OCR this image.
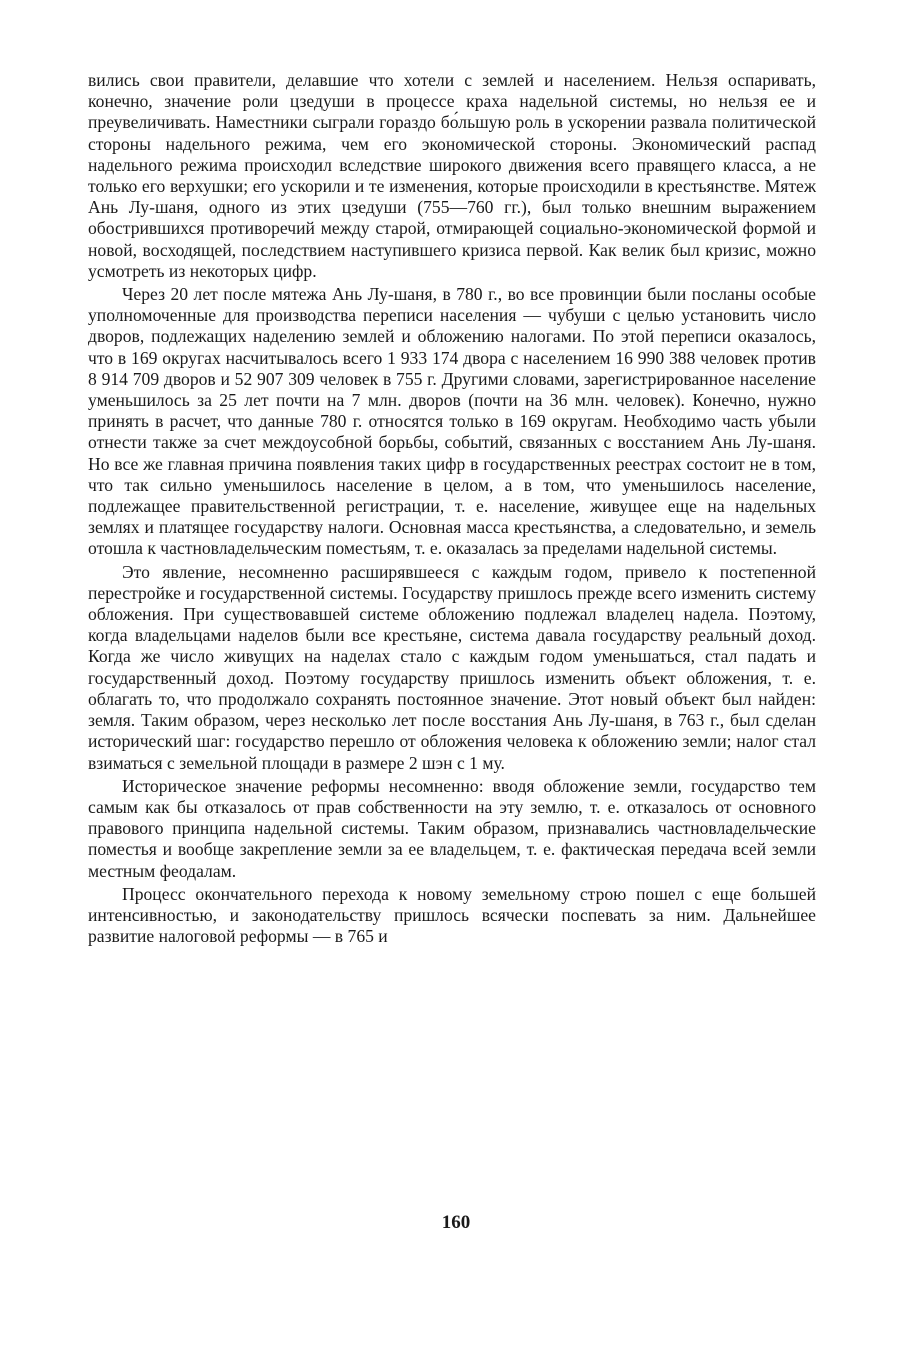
вились свои правители, делавшие что хотели с землей и населением. Нельзя оспаривать, конечно, значение роли цзедуши в процессе краха надельной системы, но нельзя ее и преувеличивать. Наместники сыграли гораздо бо́льшую роль в ускорении развала политической стороны надельного режима, чем его экономической стороны. Экономический распад надельного режима происходил вследствие широкого движения всего правящего класса, а не только его верхушки; его ускорили и те изменения, которые происходили в крестьянстве. Мятеж Ань Лу-шаня, одного из этих цзедуши (755—760 гг.), был только внешним выражением обострившихся противоречий между старой, отмирающей социально-экономической формой и новой, восходящей, последствием наступившего кризиса первой. Как велик был кризис, можно усмотреть из некоторых цифр.

Через 20 лет после мятежа Ань Лу-шаня, в 780 г., во все провинции были посланы особые уполномоченные для производства переписи населения — чубуши с целью установить число дворов, подлежащих наделению землей и обложению налогами. По этой переписи оказалось, что в 169 округах насчитывалось всего 1 933 174 двора с населением 16 990 388 человек против 8 914 709 дворов и 52 907 309 человек в 755 г. Другими словами, зарегистрированное население уменьшилось за 25 лет почти на 7 млн. дворов (почти на 36 млн. человек). Конечно, нужно принять в расчет, что данные 780 г. относятся только в 169 округам. Необходимо часть убыли отнести также за счет междоусобной борьбы, событий, связанных с восстанием Ань Лу-шаня. Но все же главная причина появления таких цифр в государственных реестрах состоит не в том, что так сильно уменьшилось население в целом, а в том, что уменьшилось население, подлежащее правительственной регистрации, т. е. население, живущее еще на надельных землях и платящее государству налоги. Основная масса крестьянства, а следовательно, и земель отошла к частновладельческим поместьям, т. е. оказалась за пределами надельной системы.

Это явление, несомненно расширявшееся с каждым годом, привело к постепенной перестройке и государственной системы. Государству пришлось прежде всего изменить систему обложения. При существовавшей системе обложению подлежал владелец надела. Поэтому, когда владельцами наделов были все крестьяне, система давала государству реальный доход. Когда же число живущих на наделах стало с каждым годом уменьшаться, стал падать и государственный доход. Поэтому государству пришлось изменить объект обложения, т. е. облагать то, что продолжало сохранять постоянное значение. Этот новый объект был найден: земля. Таким образом, через несколько лет после восстания Ань Лу-шаня, в 763 г., был сделан исторический шаг: государство перешло от обложения человека к обложению земли; налог стал взиматься с земельной площади в размере 2 шэн с 1 му.

Историческое значение реформы несомненно: вводя обложение земли, государство тем самым как бы отказалось от прав собственности на эту землю, т. е. отказалось от основного правового принципа надельной системы. Таким образом, признавались частновладельческие поместья и вообще закрепление земли за ее владельцем, т. е. фактическая передача всей земли местным феодалам.

Процесс окончательного перехода к новому земельному строю пошел с еще большей интенсивностью, и законодательству пришлось всячески поспевать за ним. Дальнейшее развитие налоговой реформы — в 765 и

160
